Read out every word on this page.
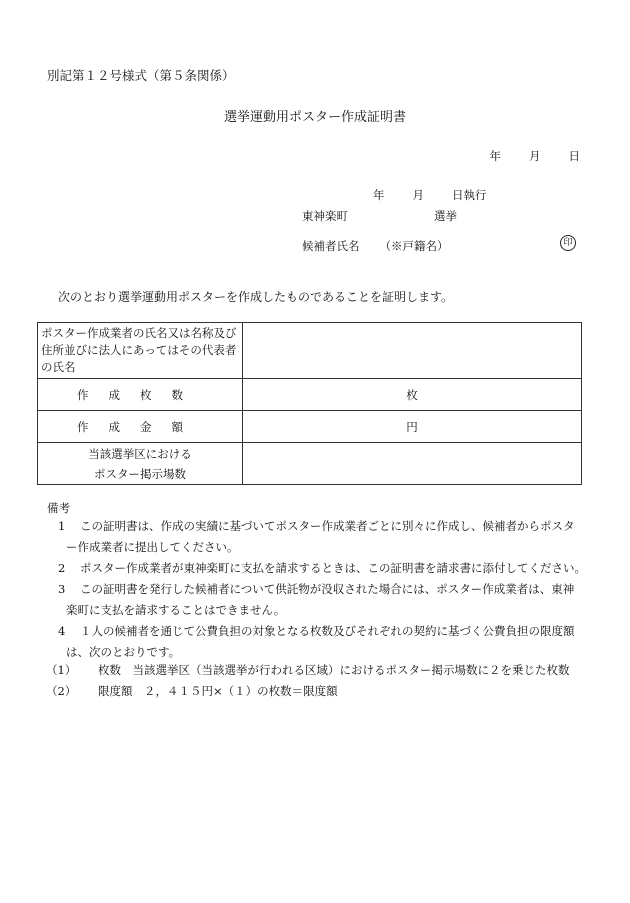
別記第１２号様式（第５条関係）
選挙運動用ポスター作成証明書
年 月 日
年 月 日執行
東神楽町	選挙
候補者氏名 （※戸籍名）	印
次のとおり選挙運動用ポスターを作成したものであることを証明します。
ポスター作成業者の氏名又は名称及び住所並びに法人にあってはその代表者の氏名	
作成枚数	枚
作成金額	円

当該選挙区における
ポスター掲示場数	

備考
1 この証明書は、作成の実績に基づいてポスター作成業者ごとに別々に作成し、候補者からポスタ
ー作成業者に提出してください。
2 ポスター作成業者が東神楽町に支払を請求するときは、この証明書を請求書に添付してください。
3 この証明書を発行した候補者について供託物が没収された場合には、ポスター作成業者は、東神
楽町に支払を請求することはできません。
4 １人の候補者を通じて公費負担の対象となる枚数及びそれぞれの契約に基づく公費負担の限度額
は、次のとおりです。
（1） 枚数　当該選挙区（当該選挙が行われる区域）におけるポスター掲示場数に２を乗じた枚数
（2） 限度額　２，４１５円×（１）の枚数＝限度額
